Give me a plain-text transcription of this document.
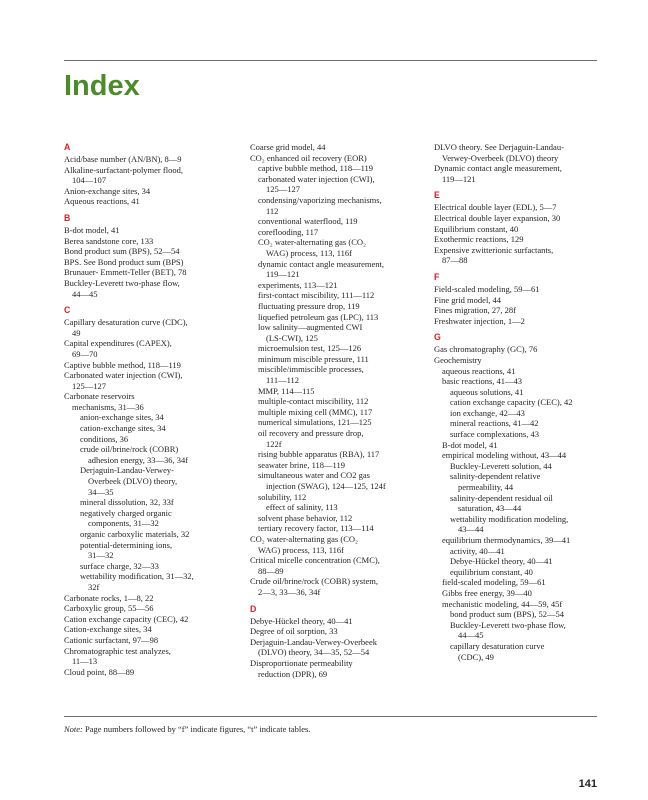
Index
A
Acid/base number (AN/BN), 8—9
Alkaline-surfactant-polymer flood,
104—107
Anion-exchange sites, 34
Aqueous reactions, 41
B
B-dot model, 41
Berea sandstone core, 133
Bond product sum (BPS), 52—54
BPS. See Bond product sum (BPS)
Brunauer- Emmett-Teller (BET), 78
Buckley-Leverett two-phase flow,
44—45
C
Capillary desaturation curve (CDC),
49
Capital expenditures (CAPEX),
69—70
Captive bubble method, 118—119
Carbonated water injection (CWI),
125—127
Carbonate reservoirs
mechanisms, 31—36
anion-exchange sites, 34
cation-exchange sites, 34
conditions, 36
crude oil/brine/rock (COBR)
adhesion energy, 33—36, 34f
Derjaguin-Landau-Verwey-
Overbeek (DLVO) theory,
34—35
mineral dissolution, 32, 33f
negatively charged organic
components, 31—32
organic carboxylic materials, 32
potential-determining ions,
31—32
surface charge, 32—33
wettability modification, 31—32,
32f
Carbonate rocks, 1—8, 22
Carboxylic group, 55—56
Cation exchange capacity (CEC), 42
Cation-exchange sites, 34
Cationic surfactant, 97—98
Chromatographic test analyzes,
11—13
Cloud point, 88—89
Coarse grid model, 44
CO₂ enhanced oil recovery (EOR)
captive bubble method, 118—119
carbonated water injection (CWI),
125—127
condensing/vaporizing mechanisms,
112
conventional waterflood, 119
coreflooding, 117
CO₂ water-alternating gas (CO₂
WAG) process, 113, 116f
dynamic contact angle measurement,
119—121
experiments, 113—121
first-contact miscibility, 111—112
fluctuating pressure drop, 119
liquefied petroleum gas (LPC), 113
low salinity—augmented CWI
(LS-CWI), 125
microemulsion test, 125—126
minimum miscible pressure, 111
miscible/immiscible processes,
111—112
MMP, 114—115
multiple-contact miscibility, 112
multiple mixing cell (MMC), 117
numerical simulations, 121—125
oil recovery and pressure drop,
122f
rising bubble apparatus (RBA), 117
seawater brine, 118—119
simultaneous water and CO2 gas
injection (SWAG), 124—125, 124f
solubility, 112
effect of salinity, 113
solvent phase behavior, 112
tertiary recovery factor, 113—114
CO₂ water-alternating gas (CO₂
WAG) process, 113, 116f
Critical micelle concentration (CMC),
88—89
Crude oil/brine/rock (COBR) system,
2—3, 33—36, 34f
D
Debye-Hückel theory, 40—41
Degree of oil sorption, 33
Derjaguin-Landau-Verwey-Overbeek
(DLVO) theory, 34—35, 52—54
Disproportionate permeability
reduction (DPR), 69
DLVO theory. See Derjaguin-Landau-
Verwey-Overbeek (DLVO) theory
Dynamic contact angle measurement,
119—121
E
Electrical double layer (EDL), 5—7
Electrical double layer expansion, 30
Equilibrium constant, 40
Exothermic reactions, 129
Expensive zwitterionic surfactants,
87—88
F
Field-scaled modeling, 59—61
Fine grid model, 44
Fines migration, 27, 28f
Freshwater injection, 1—2
G
Gas chromatography (GC), 76
Geochemistry
aqueous reactions, 41
basic reactions, 41—43
aqueous solutions, 41
cation exchange capacity (CEC), 42
ion exchange, 42—43
mineral reactions, 41—42
surface complexations, 43
B-dot model, 41
empirical modeling without, 43—44
Buckley-Leverett solution, 44
salinity-dependent relative
permeability, 44
salinity-dependent residual oil
saturation, 43—44
wettability modification modeling,
43—44
equilibrium thermodynamics, 39—41
activity, 40—41
Debye-Hückel theory, 40—41
equilibrium constant, 40
field-scaled modeling, 59—61
Gibbs free energy, 39—40
mechanistic modeling, 44—59, 45f
bond product sum (BPS), 52—54
Buckley-Leverett two-phase flow,
44—45
capillary desaturation curve
(CDC), 49
Note: Page numbers followed by “f” indicate figures, “t” indicate tables.
141
